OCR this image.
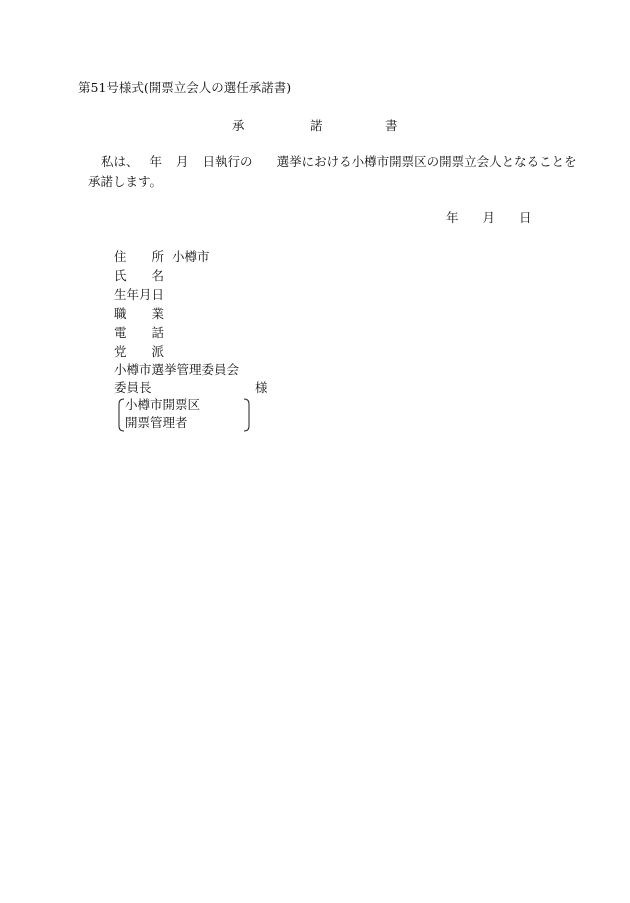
第51号様式(開票立会人の選任承諾書)
承	諾	書
私は、 年 月 日執行の 選挙における小樽市開票区の開票立会人となることを
承諾します。
年 月 日
住　　所 小樽市
氏　　名
生年月日
職　　業
電　　話
党　　派
小樽市選挙管理委員会
委員長	様
小樽市開票区
開票管理者
